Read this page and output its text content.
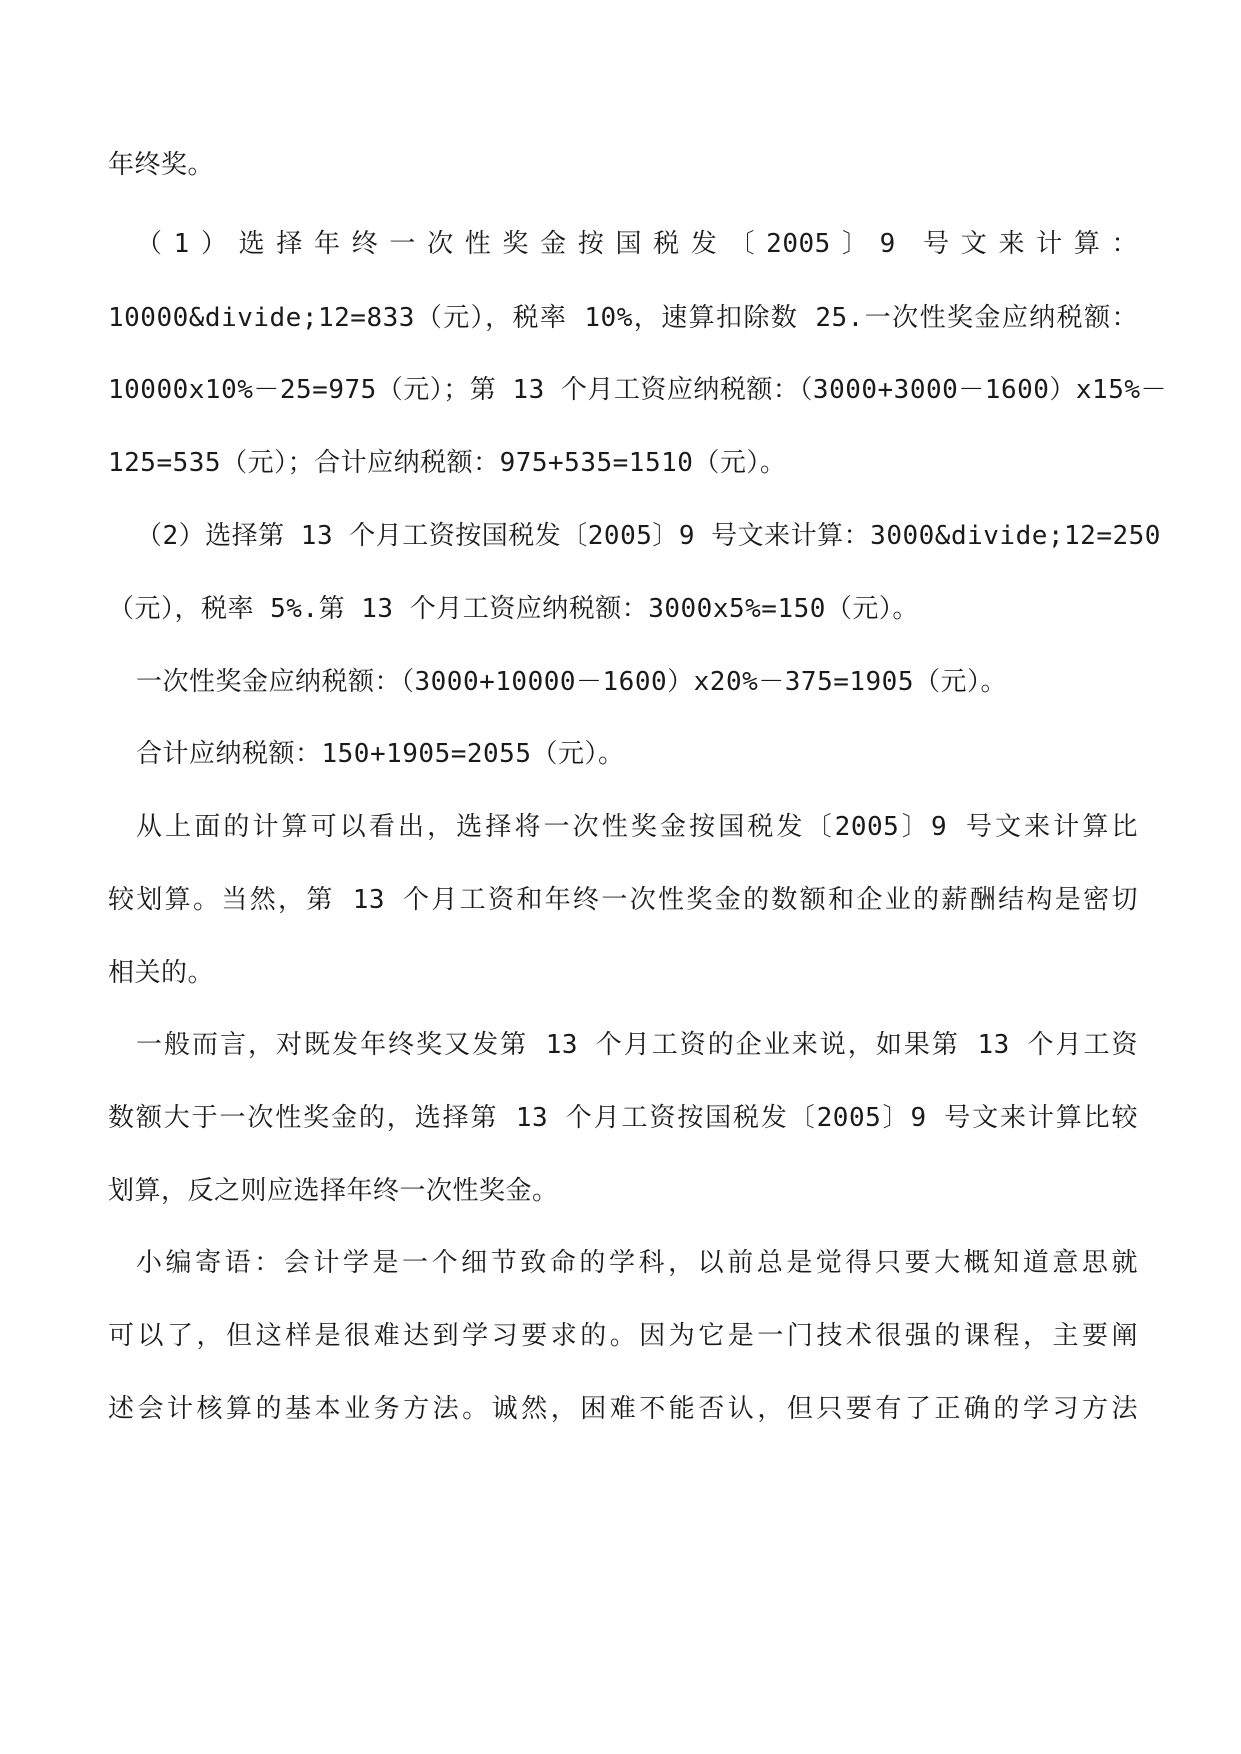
年终奖。
（1）选择年终一次性奖金按国税发〔2005〕9 号文来计算：
10000&divide;12=833（元），税率 10%，速算扣除数 25.一次性奖金应纳税额：
10000x10%－25=975（元）；第 13 个月工资应纳税额：（3000+3000－1600）x15%－
125=535（元）；合计应纳税额：975+535=1510（元）。
（2）选择第 13 个月工资按国税发〔2005〕9 号文来计算：3000&divide;12=250
（元），税率 5%.第 13 个月工资应纳税额：3000x5%=150（元）。
一次性奖金应纳税额：（3000+10000－1600）x20%－375=1905（元）。
合计应纳税额：150+1905=2055（元）。
从上面的计算可以看出，选择将一次性奖金按国税发〔2005〕9 号文来计算比
较划算。当然，第 13 个月工资和年终一次性奖金的数额和企业的薪酬结构是密切
相关的。
一般而言，对既发年终奖又发第 13 个月工资的企业来说，如果第 13 个月工资
数额大于一次性奖金的，选择第 13 个月工资按国税发〔2005〕9 号文来计算比较
划算，反之则应选择年终一次性奖金。
小编寄语：会计学是一个细节致命的学科，以前总是觉得只要大概知道意思就
可以了，但这样是很难达到学习要求的。因为它是一门技术很强的课程，主要阐
述会计核算的基本业务方法。诚然，困难不能否认，但只要有了正确的学习方法
